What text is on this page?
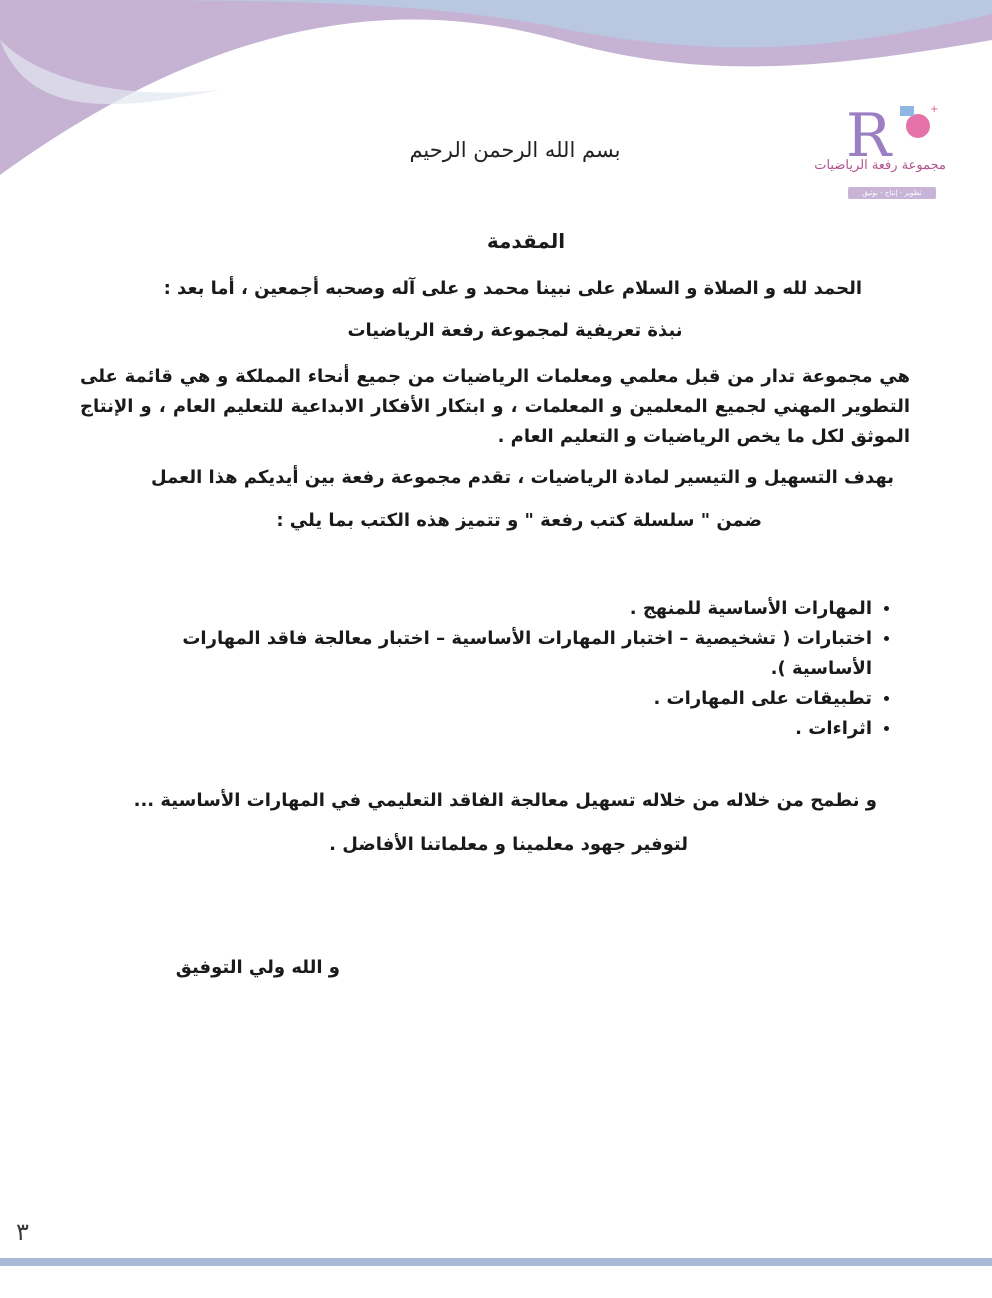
R	+
مجموعة رفعة الرياضيات
تطوير - إنتاج - توثيق
بسم الله الرحمن الرحيم
المقدمة
الحمد لله و الصلاة و السلام على نبينا محمد و على آله وصحبه أجمعين ، أما بعد :
نبذة تعريفية لمجموعة رفعة الرياضيات
هي مجموعة تدار من قبل معلمي ومعلمات الرياضيات من جميع أنحاء المملكة و هي قائمة على التطوير المهني لجميع المعلمين و المعلمات ، و ابتكار الأفكار الابداعية للتعليم العام ، و الإنتاج الموثق لكل ما يخص الرياضيات و التعليم العام .
بهدف التسهيل و التيسير لمادة الرياضيات ، تقدم مجموعة رفعة بين أيديكم هذا العمل
ضمن " سلسلة كتب رفعة " و تتميز هذه الكتب بما يلي :
• المهارات الأساسية للمنهج .
• اختبارات ( تشخيصية – اختبار المهارات الأساسية – اختبار معالجة فاقد المهارات الأساسية ).
• تطبيقات على المهارات .
• اثراءات .
و نطمح من خلاله من خلاله تسهيل معالجة الفاقد التعليمي في المهارات الأساسية ...
لتوفير جهود معلمينا و معلماتنا الأفاضل .
و الله ولي التوفيق
٣
